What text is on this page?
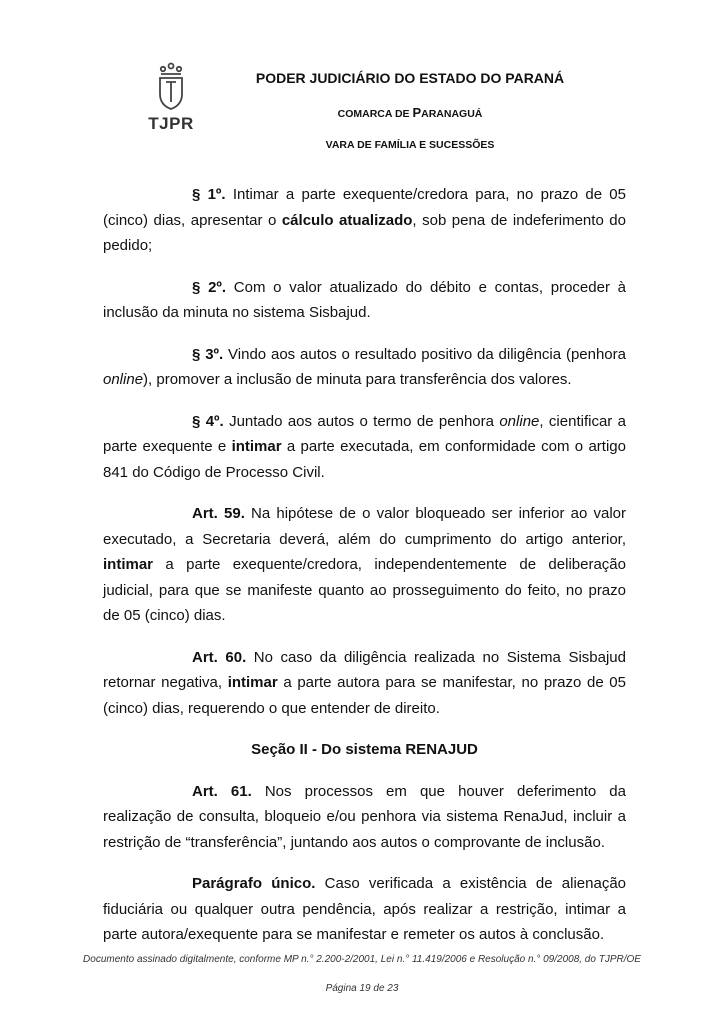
TJPR
PODER JUDICIÁRIO DO ESTADO DO PARANÁ
COMARCA DE PARANAGUÁ
VARA DE FAMÍLIA E SUCESSÕES

§ 1º. Intimar a parte exequente/credora para, no prazo de 05 (cinco) dias, apresentar o cálculo atualizado, sob pena de indeferimento do pedido;

§ 2º. Com o valor atualizado do débito e contas, proceder à inclusão da minuta no sistema Sisbajud.

§ 3º. Vindo aos autos o resultado positivo da diligência (penhora online), promover a inclusão de minuta para transferência dos valores.

§ 4º. Juntado aos autos o termo de penhora online, cientificar a parte exequente e intimar a parte executada, em conformidade com o artigo 841 do Código de Processo Civil.

Art. 59. Na hipótese de o valor bloqueado ser inferior ao valor executado, a Secretaria deverá, além do cumprimento do artigo anterior, intimar a parte exequente/credora, independentemente de deliberação judicial, para que se manifeste quanto ao prosseguimento do feito, no prazo de 05 (cinco) dias.

Art. 60. No caso da diligência realizada no Sistema Sisbajud retornar negativa, intimar a parte autora para se manifestar, no prazo de 05 (cinco) dias, requerendo o que entender de direito.

Seção II - Do sistema RENAJUD

Art. 61. Nos processos em que houver deferimento da realização de consulta, bloqueio e/ou penhora via sistema RenaJud, incluir a restrição de “transferência”, juntando aos autos o comprovante de inclusão.

Parágrafo único. Caso verificada a existência de alienação fiduciária ou qualquer outra pendência, após realizar a restrição, intimar a parte autora/exequente para se manifestar e remeter os autos à conclusão.

Documento assinado digitalmente, conforme MP n.° 2.200-2/2001, Lei n.° 11.419/2006 e Resolução n.° 09/2008, do TJPR/OE
Página 19 de 23
